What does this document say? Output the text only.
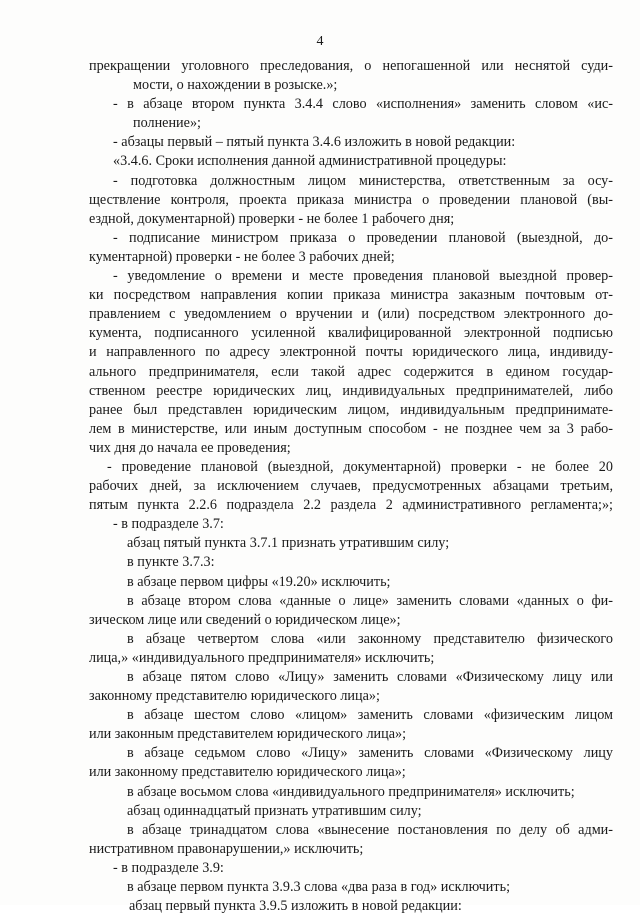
4
прекращении уголовного преследования, о непогашенной или неснятой суди-
мости, о нахождении в розыске.»;
- в абзаце втором пункта 3.4.4 слово «исполнения» заменить словом «ис-
полнение»;
- абзацы первый – пятый пункта 3.4.6 изложить в новой редакции:
«3.4.6. Сроки исполнения данной административной процедуры:
- подготовка должностным лицом министерства, ответственным за осу-
ществление контроля, проекта приказа министра о проведении плановой (вы-
ездной, документарной) проверки - не более 1 рабочего дня;
- подписание министром приказа о проведении плановой (выездной, до-
кументарной) проверки - не более 3 рабочих дней;
- уведомление о времени и месте проведения плановой выездной провер-
ки посредством направления копии приказа министра заказным почтовым от-
правлением с уведомлением о вручении и (или) посредством электронного до-
кумента, подписанного усиленной квалифицированной электронной подписью
и направленного по адресу электронной почты юридического лица, индивиду-
ального предпринимателя, если такой адрес содержится в едином государ-
ственном реестре юридических лиц, индивидуальных предпринимателей, либо
ранее был представлен юридическим лицом, индивидуальным предпринимате-
лем в министерстве, или иным доступным способом - не позднее чем за 3 рабо-
чих дня до начала ее проведения;
- проведение плановой (выездной, документарной) проверки - не более 20
рабочих дней, за исключением случаев, предусмотренных абзацами третьим,
пятым пункта 2.2.6 подраздела 2.2 раздела 2 административного регламента;»;
- в подразделе 3.7:
абзац пятый пункта 3.7.1 признать утратившим силу;
в пункте 3.7.3:
в абзаце первом цифры «19.20» исключить;
в абзаце втором слова «данные о лице» заменить словами «данных о фи-
зическом лице или сведений о юридическом лице»;
в абзаце четвертом слова «или законному представителю физического
лица,» «индивидуального предпринимателя» исключить;
в абзаце пятом слово «Лицу» заменить словами «Физическому лицу или
законному представителю юридического лица»;
в абзаце шестом слово «лицом» заменить словами «физическим лицом
или законным представителем юридического лица»;
в абзаце седьмом слово «Лицу» заменить словами «Физическому лицу
или законному представителю юридического лица»;
в абзаце восьмом слова «индивидуального предпринимателя» исключить;
абзац одиннадцатый признать утратившим силу;
в абзаце тринадцатом слова «вынесение постановления по делу об адми-
нистративном правонарушении,» исключить;
- в подразделе 3.9:
в абзаце первом пункта 3.9.3 слова «два раза в год» исключить;
абзац первый пункта 3.9.5 изложить в новой редакции:
